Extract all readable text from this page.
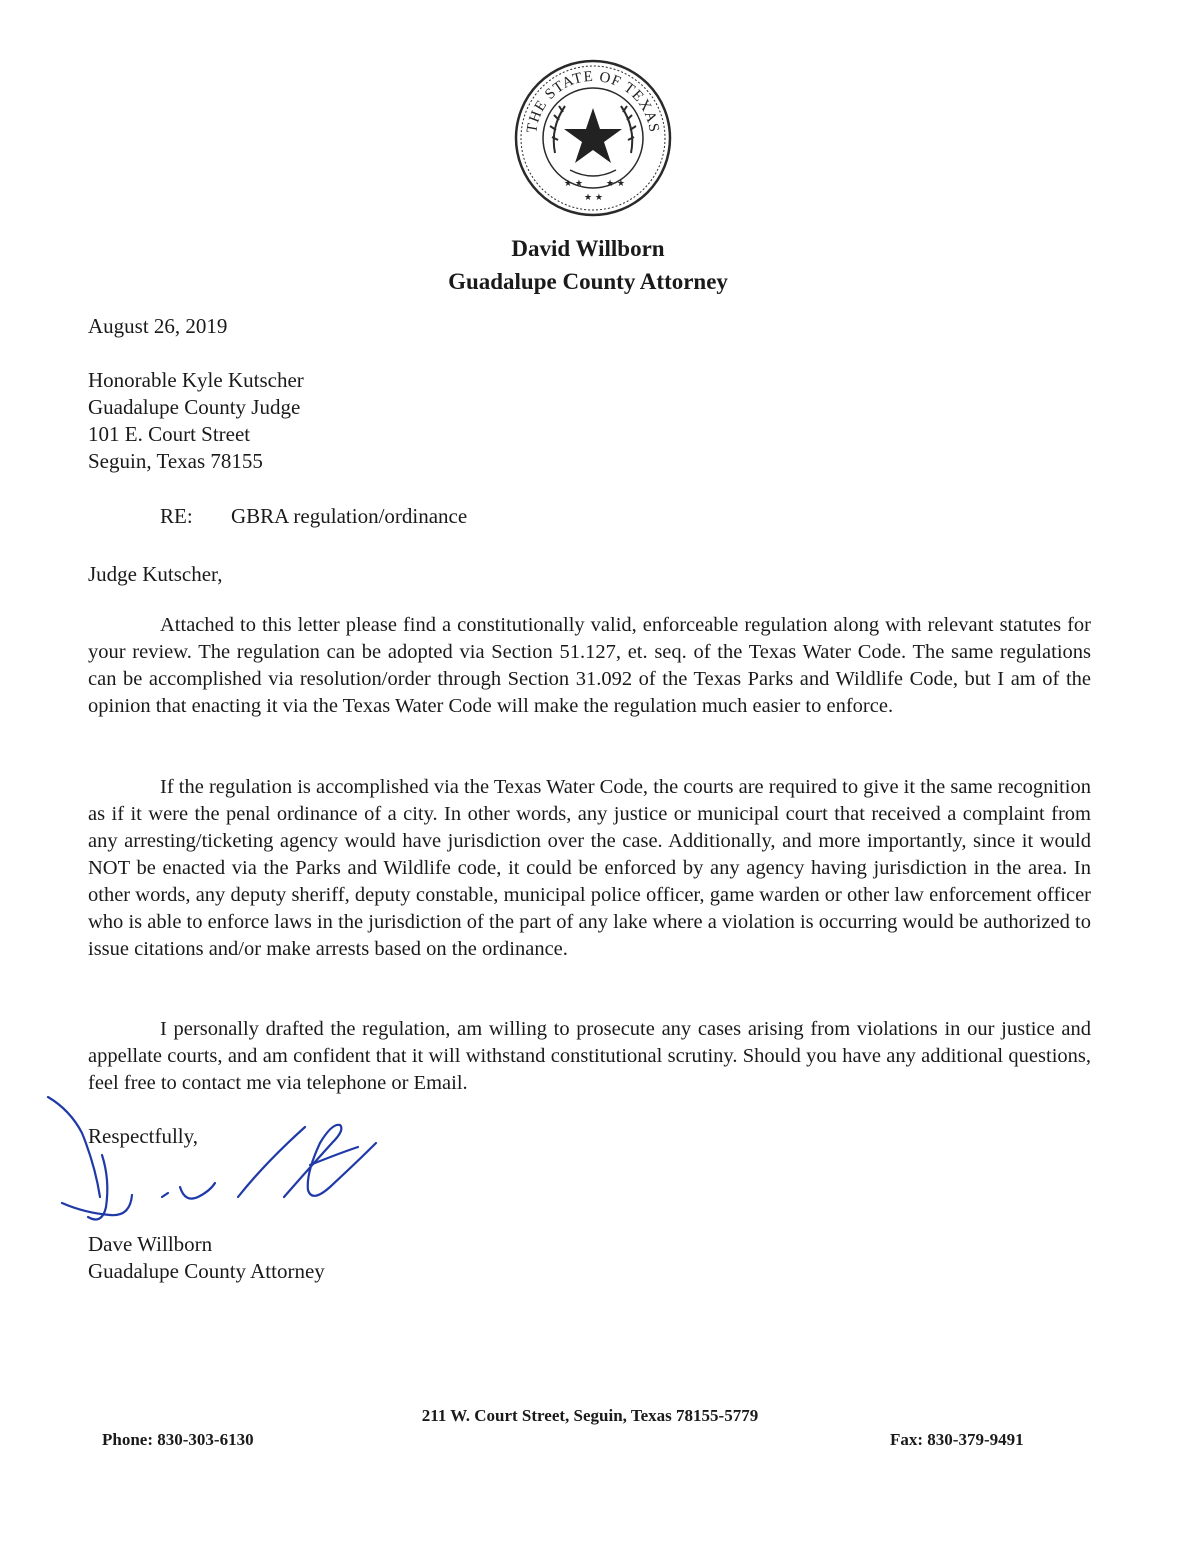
THE STATE OF TEXAS
★ ★	★ ★
★ ★
David Willborn
Guadalupe County Attorney
August 26, 2019
Honorable Kyle Kutscher
Guadalupe County Judge
101 E. Court Street
Seguin, Texas 78155
RE: GBRA regulation/ordinance
Judge Kutscher,

Attached to this letter please find a constitutionally valid, enforceable regulation along with relevant statutes for your review. The regulation can be adopted via Section 51.127, et. seq. of the Texas Water Code. The same regulations can be accomplished via resolution/order through Section 31.092 of the Texas Parks and Wildlife Code, but I am of the opinion that enacting it via the Texas Water Code will make the regulation much easier to enforce.

If the regulation is accomplished via the Texas Water Code, the courts are required to give it the same recognition as if it were the penal ordinance of a city. In other words, any justice or municipal court that received a complaint from any arresting/ticketing agency would have jurisdiction over the case. Additionally, and more importantly, since it would NOT be enacted via the Parks and Wildlife code, it could be enforced by any agency having jurisdiction in the area. In other words, any deputy sheriff, deputy constable, municipal police officer, game warden or other law enforcement officer who is able to enforce laws in the jurisdiction of the part of any lake where a violation is occurring would be authorized to issue citations and/or make arrests based on the ordinance.

I personally drafted the regulation, am willing to prosecute any cases arising from violations in our justice and appellate courts, and am confident that it will withstand constitutional scrutiny. Should you have any additional questions, feel free to contact me via telephone or Email.

Respectfully,
Dave Willborn
Guadalupe County Attorney
211 W. Court Street, Seguin, Texas 78155-5779
Phone: 830-303-6130	Fax: 830-379-9491
